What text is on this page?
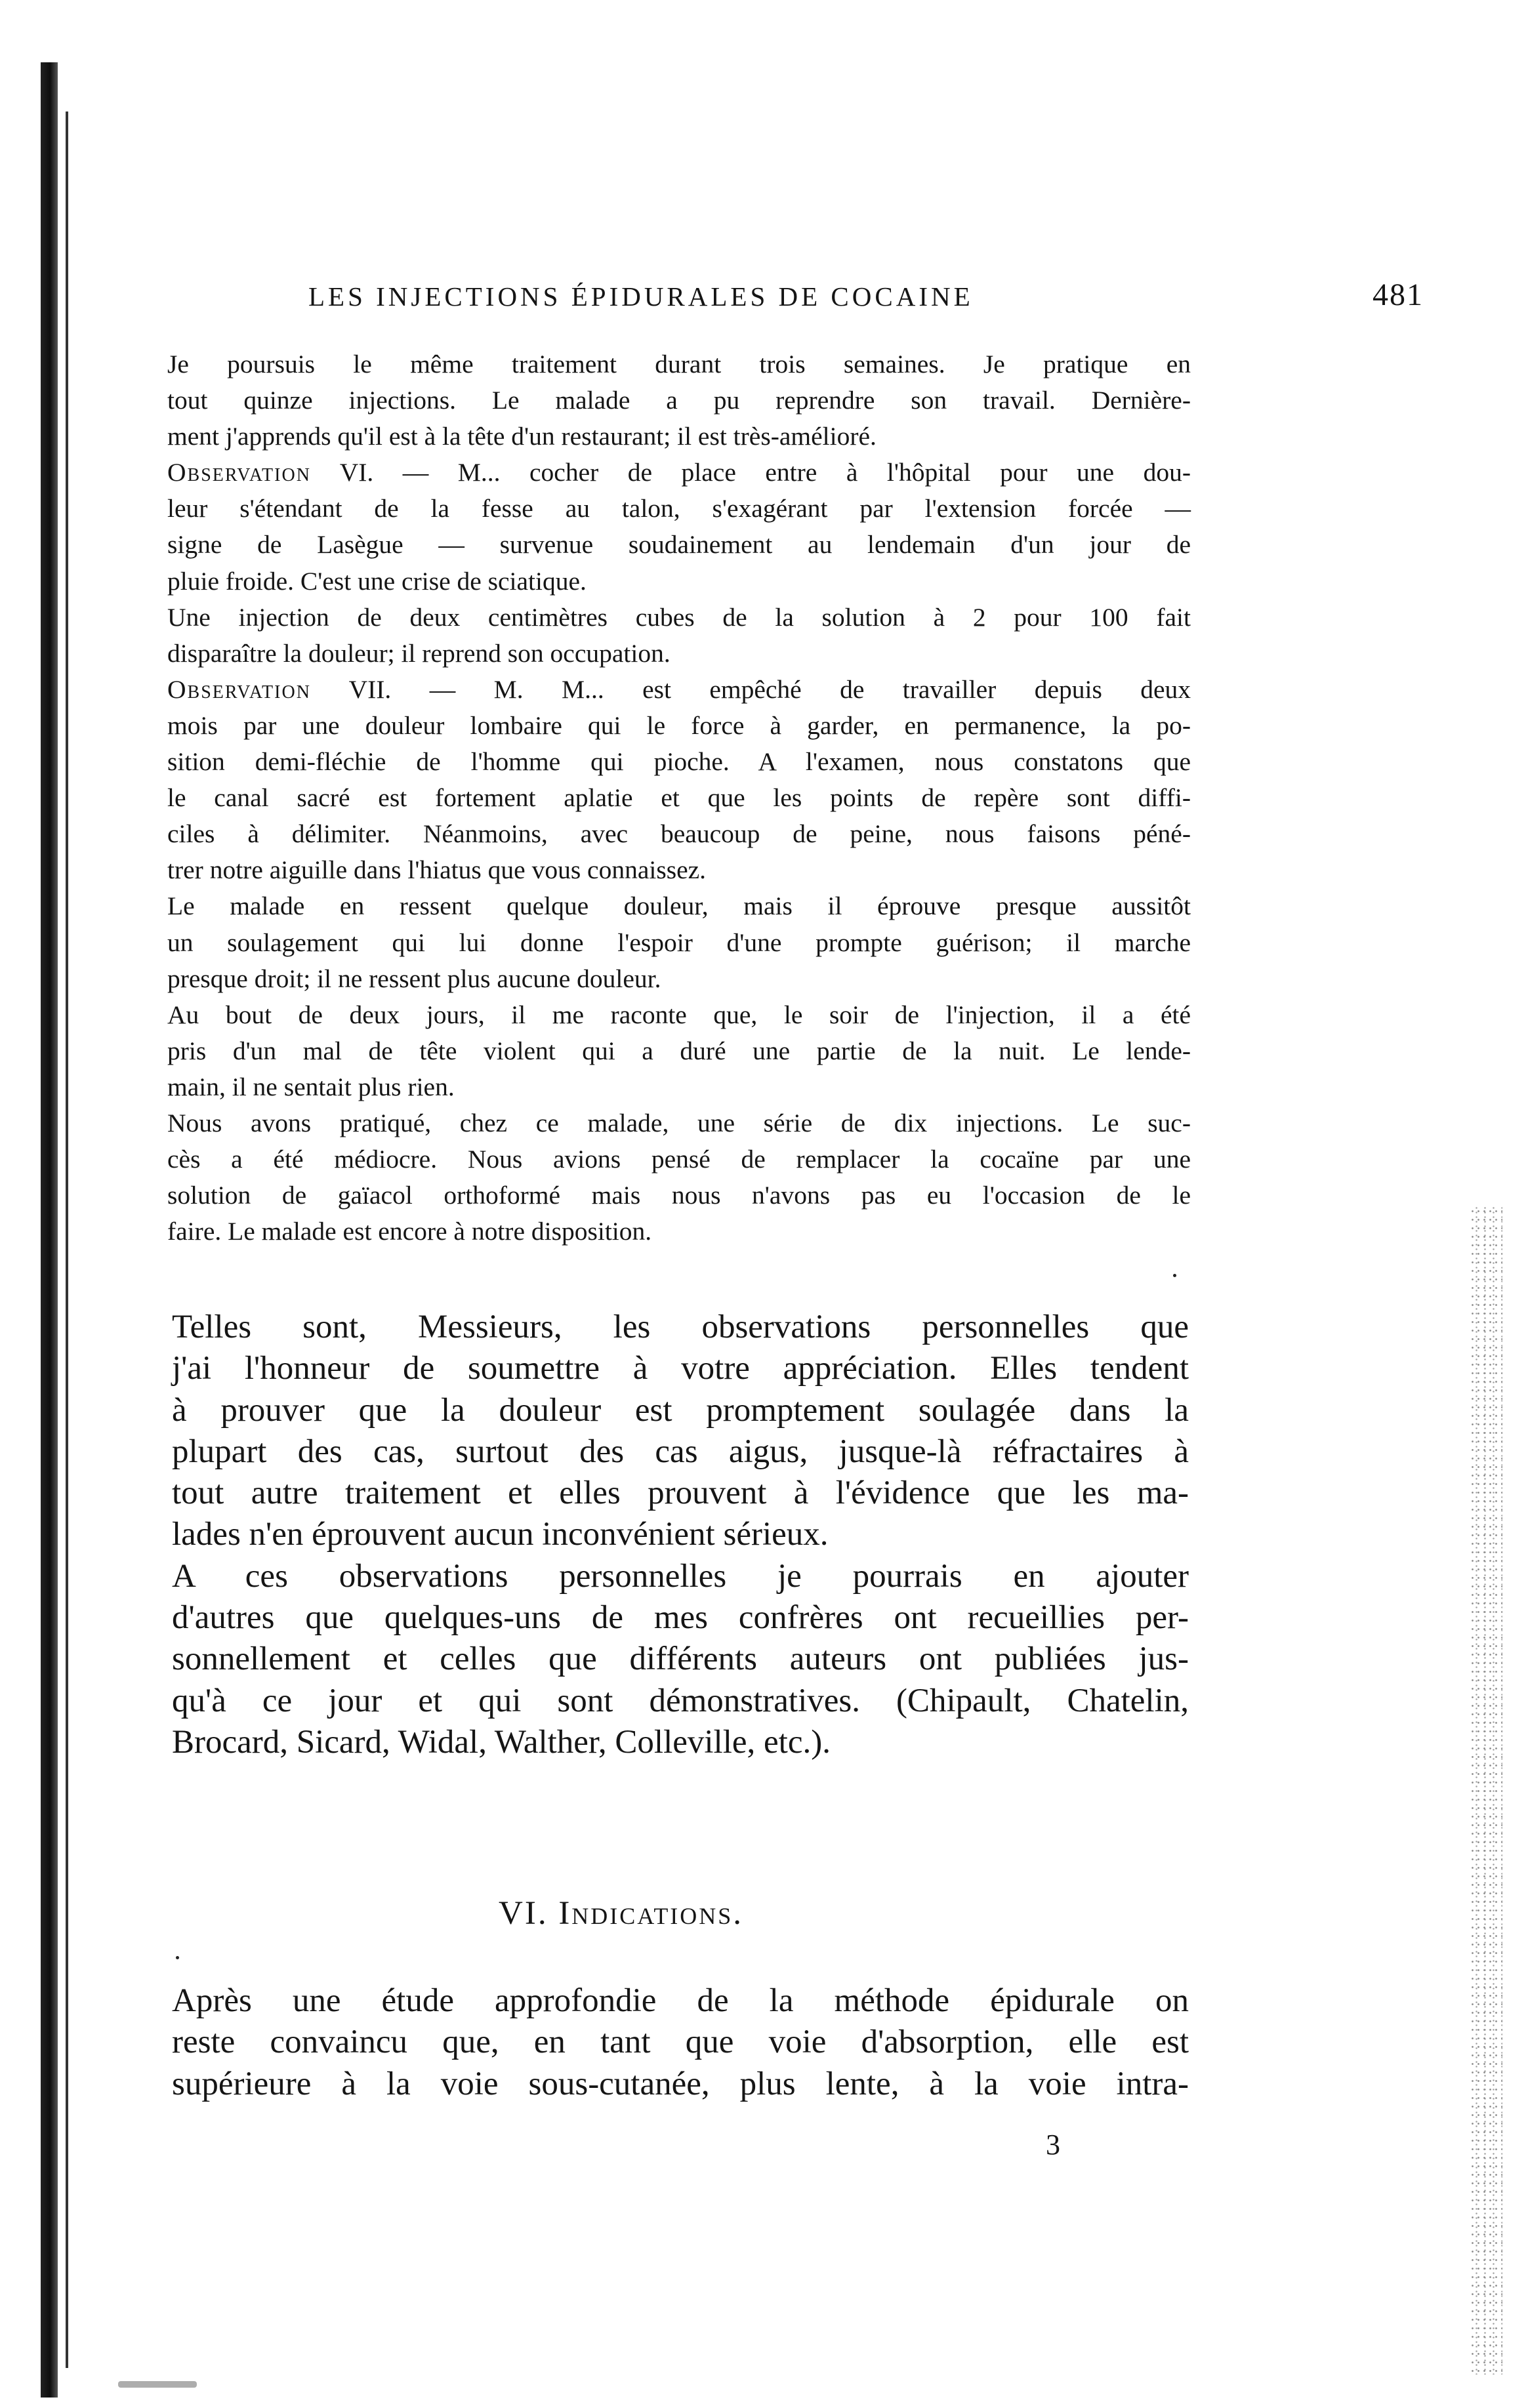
LES INJECTIONS ÉPIDURALES DE COCAINE	481
Je poursuis le même traitement durant trois semaines. Je pratique en
tout quinze injections. Le malade a pu reprendre son travail. Dernière-
ment j'apprends qu'il est à la tête d'un restaurant; il est très-amélioré.
Observation VI. — M... cocher de place entre à l'hôpital pour une dou-
leur s'étendant de la fesse au talon, s'exagérant par l'extension forcée —
signe de Lasègue — survenue soudainement au lendemain d'un jour de
pluie froide. C'est une crise de sciatique.
Une injection de deux centimètres cubes de la solution à 2 pour 100 fait
disparaître la douleur; il reprend son occupation.
Observation VII. — M. M... est empêché de travailler depuis deux
mois par une douleur lombaire qui le force à garder, en permanence, la po-
sition demi-fléchie de l'homme qui pioche. A l'examen, nous constatons que
le canal sacré est fortement aplatie et que les points de repère sont diffi-
ciles à délimiter. Néanmoins, avec beaucoup de peine, nous faisons péné-
trer notre aiguille dans l'hiatus que vous connaissez.
Le malade en ressent quelque douleur, mais il éprouve presque aussitôt
un soulagement qui lui donne l'espoir d'une prompte guérison; il marche
presque droit; il ne ressent plus aucune douleur.
Au bout de deux jours, il me raconte que, le soir de l'injection, il a été
pris d'un mal de tête violent qui a duré une partie de la nuit. Le lende-
main, il ne sentait plus rien.
Nous avons pratiqué, chez ce malade, une série de dix injections. Le suc-
cès a été médiocre. Nous avions pensé de remplacer la cocaïne par une
solution de gaïacol orthoformé mais nous n'avons pas eu l'occasion de le
faire. Le malade est encore à notre disposition.
Telles sont, Messieurs, les observations personnelles que
j'ai l'honneur de soumettre à votre appréciation. Elles tendent
à prouver que la douleur est promptement soulagée dans la
plupart des cas, surtout des cas aigus, jusque-là réfractaires à
tout autre traitement et elles prouvent à l'évidence que les ma-
lades n'en éprouvent aucun inconvénient sérieux.
A ces observations personnelles je pourrais en ajouter
d'autres que quelques-uns de mes confrères ont recueillies per-
sonnellement et celles que différents auteurs ont publiées jus-
qu'à ce jour et qui sont démonstratives. (Chipault, Chatelin,
Brocard, Sicard, Widal, Walther, Colleville, etc.).
VI. Indications.
Après une étude approfondie de la méthode épidurale on
reste convaincu que, en tant que voie d'absorption, elle est
supérieure à la voie sous-cutanée, plus lente, à la voie intra-
3
